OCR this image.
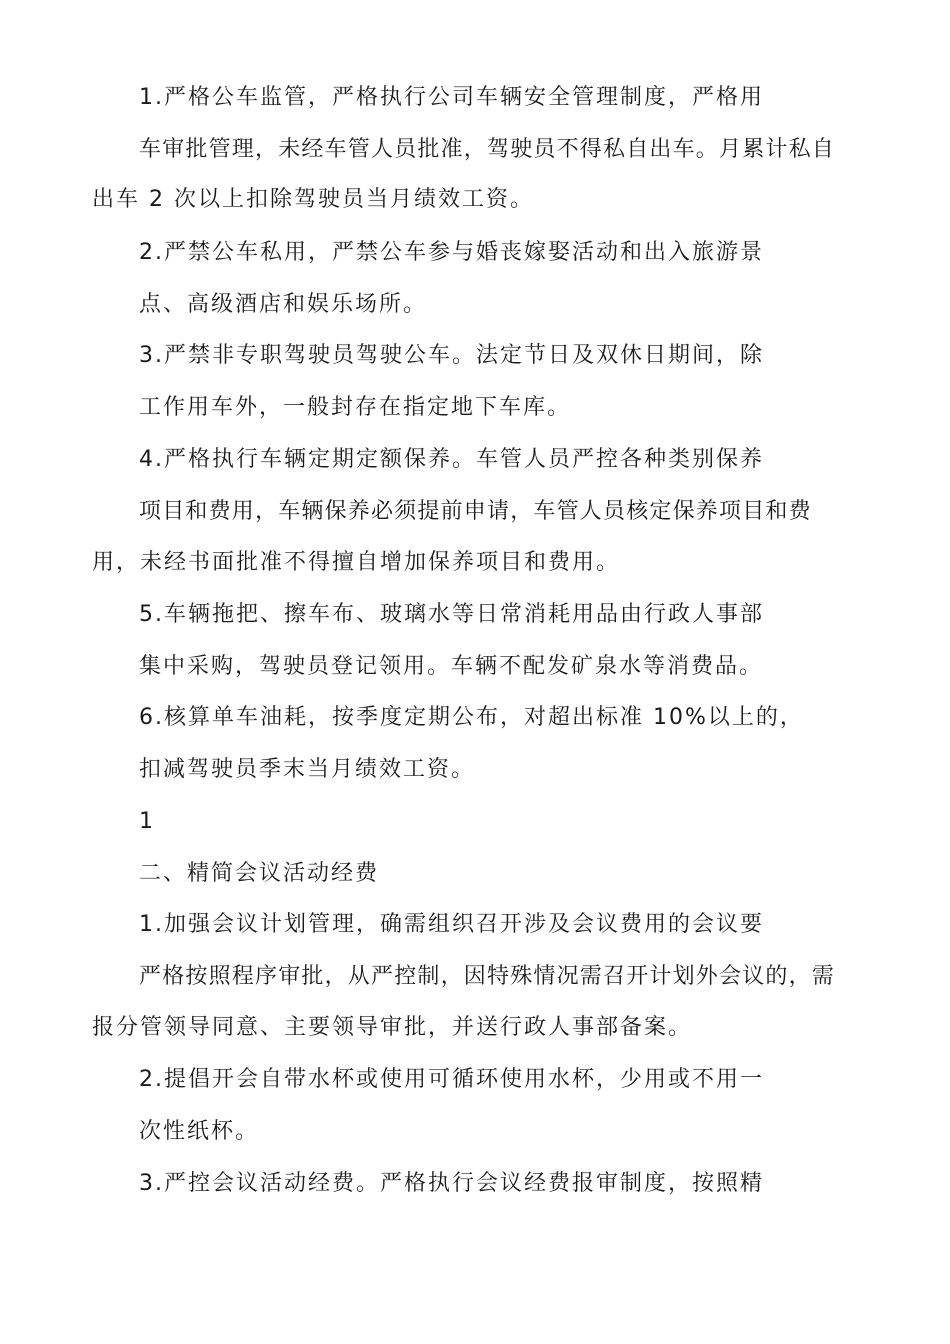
1.严格公车监管，严格执行公司车辆安全管理制度，严格用
车审批管理，未经车管人员批准，驾驶员不得私自出车。月累计私自
出车 2 次以上扣除驾驶员当月绩效工资。
2.严禁公车私用，严禁公车参与婚丧嫁娶活动和出入旅游景
点、高级酒店和娱乐场所。
3.严禁非专职驾驶员驾驶公车。法定节日及双休日期间，除
工作用车外，一般封存在指定地下车库。
4.严格执行车辆定期定额保养。车管人员严控各种类别保养
项目和费用，车辆保养必须提前申请，车管人员核定保养项目和费
用，未经书面批准不得擅自增加保养项目和费用。
5.车辆拖把、擦车布、玻璃水等日常消耗用品由行政人事部
集中采购，驾驶员登记领用。车辆不配发矿泉水等消费品。
6.核算单车油耗，按季度定期公布，对超出标准 10%以上的，
扣减驾驶员季末当月绩效工资。
1
二、精简会议活动经费
1.加强会议计划管理，确需组织召开涉及会议费用的会议要
严格按照程序审批，从严控制，因特殊情况需召开计划外会议的，需
报分管领导同意、主要领导审批，并送行政人事部备案。
2.提倡开会自带水杯或使用可循环使用水杯，少用或不用一
次性纸杯。
3.严控会议活动经费。严格执行会议经费报审制度，按照精
